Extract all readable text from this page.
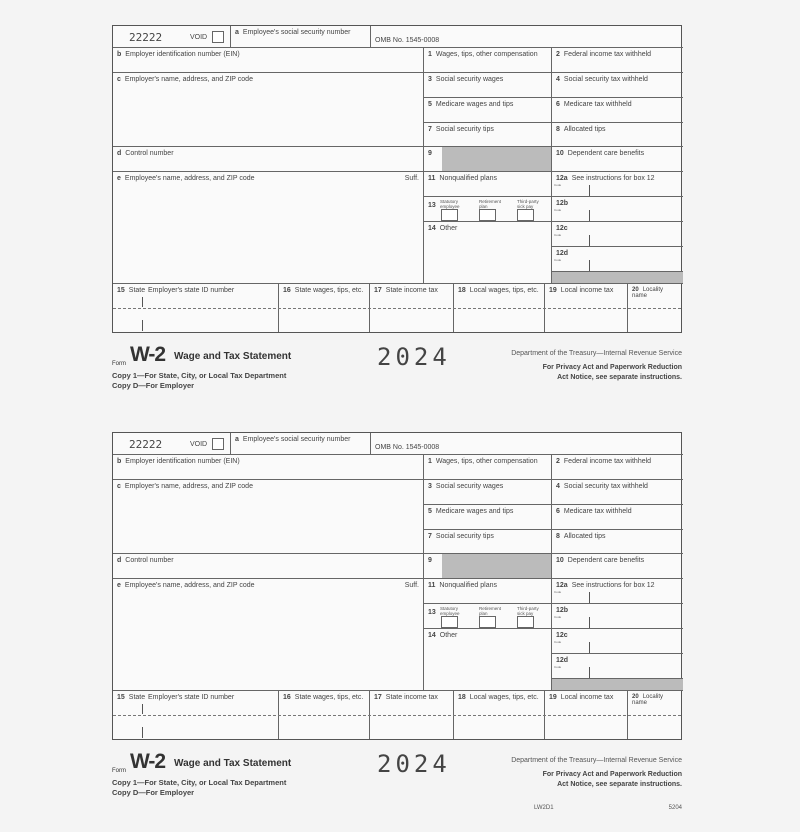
22222	VOID
a Employee's social security number
OMB No. 1545-0008
b Employer identification number (EIN)
c Employer's name, address, and ZIP code
d Control number
e Employee's name, address, and ZIP code	Suff.
1 Wages, tips, other compensation	2 Federal income tax withheld
3 Social security wages	4 Social security tax withheld
5 Medicare wages and tips	6 Medicare tax withheld
7 Social security tips	8 Allocated tips
9	10 Dependent care benefits
11 Nonqualified plans
13
Statutory employee
Retirement plan
Third-party sick pay
14 Other
12a See instructions for box 12
Code
12b
Code
12c
Code
12d
Code
15 State Employer's state ID number	16 State wages, tips, etc.	17 State income tax	18 Local wages, tips, etc.	19 Local income tax	20 Locality name
Form W-2 Wage and Tax Statement	2024
Copy 1—For State, City, or Local Tax Department
Copy D—For Employer
Department of the Treasury—Internal Revenue Service
For Privacy Act and Paperwork Reduction
Act Notice, see separate instructions.
22222	VOID
a Employee's social security number
OMB No. 1545-0008
b Employer identification number (EIN)
c Employer's name, address, and ZIP code
d Control number
e Employee's name, address, and ZIP code	Suff.
1 Wages, tips, other compensation	2 Federal income tax withheld
3 Social security wages	4 Social security tax withheld
5 Medicare wages and tips	6 Medicare tax withheld
7 Social security tips	8 Allocated tips
9	10 Dependent care benefits
11 Nonqualified plans
13
Statutory employee
Retirement plan
Third-party sick pay
14 Other
12a See instructions for box 12
Code
12b
Code
12c
Code
12d
Code
15 State Employer's state ID number	16 State wages, tips, etc.	17 State income tax	18 Local wages, tips, etc.	19 Local income tax	20 Locality name
Form W-2 Wage and Tax Statement	2024
Copy 1—For State, City, or Local Tax Department
Copy D—For Employer
Department of the Treasury—Internal Revenue Service
For Privacy Act and Paperwork Reduction
Act Notice, see separate instructions.
LW2D1	5204
